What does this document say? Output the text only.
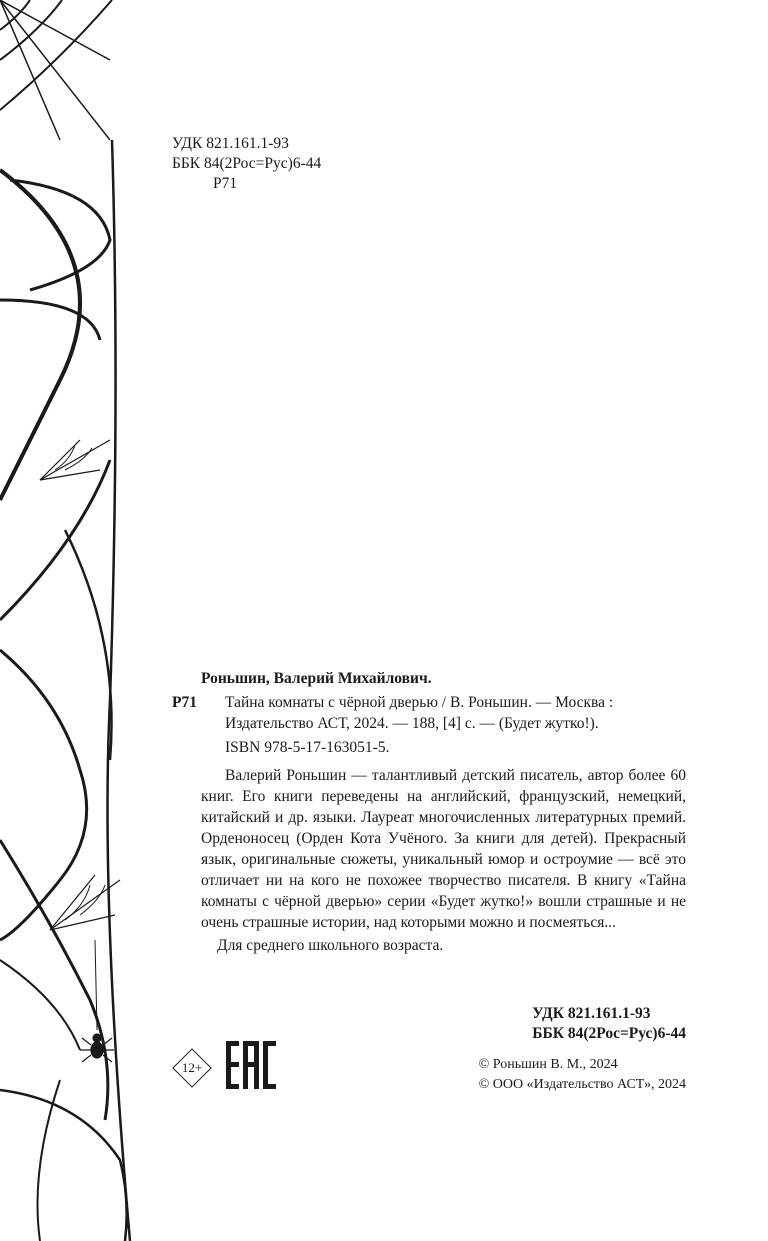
УДК 821.161.1-93
ББК 84(2Рос=Рус)6-44
Р71
Роньшин, Валерий Михайлович.
Р71	Тайна комнаты с чёрной дверью / В. Роньшин. — Москва : Издательство АСТ, 2024. — 188, [4] с. — (Будет жутко!).
ISBN 978-5-17-163051-5.
Валерий Роньшин — талантливый детский писатель, автор более 60 книг. Его книги переведены на английский, французский, немецкий, китайский и др. языки. Лауреат многочисленных литературных премий. Орденоносец (Орден Кота Учёного. За книги для детей). Прекрасный язык, оригинальные сюжеты, уникальный юмор и остроумие — всё это отличает ни на кого не похожее творчество писателя. В книгу «Тайна комнаты с чёрной дверью» серии «Будет жутко!» вошли страшные и не очень страшные истории, над которыми можно и посмеяться...
Для среднего школьного возраста.
УДК 821.161.1-93
ББК 84(2Рос=Рус)6-44
12+	© Роньшин В. М., 2024
© ООО «Издательство АСТ», 2024
